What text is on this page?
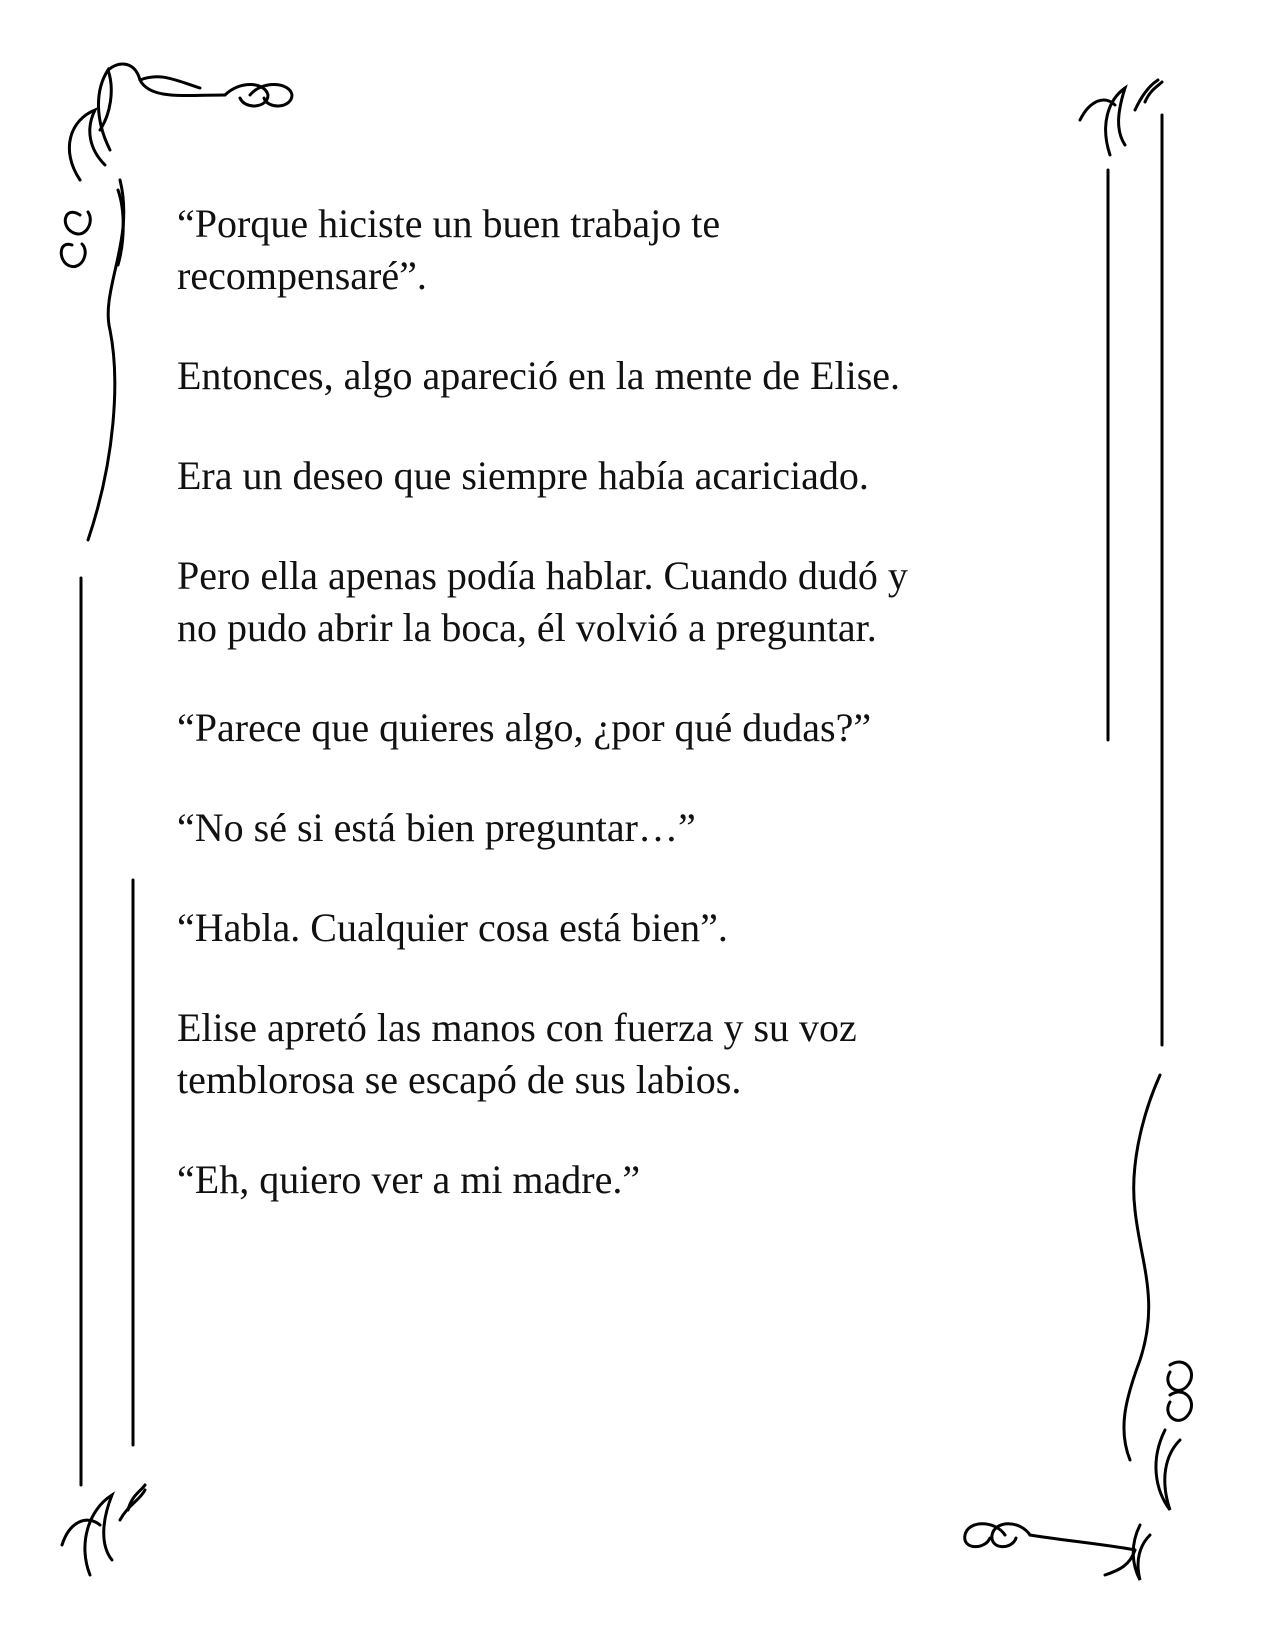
“Porque hiciste un buen trabajo te
recompensaré”.

Entonces, algo apareció en la mente de Elise.

Era un deseo que siempre había acariciado.

Pero ella apenas podía hablar. Cuando dudó y
no pudo abrir la boca, él volvió a preguntar.

“Parece que quieres algo, ¿por qué dudas?”

“No sé si está bien preguntar…”

“Habla. Cualquier cosa está bien”.

Elise apretó las manos con fuerza y su voz
temblorosa se escapó de sus labios.

“Eh, quiero ver a mi madre.”
